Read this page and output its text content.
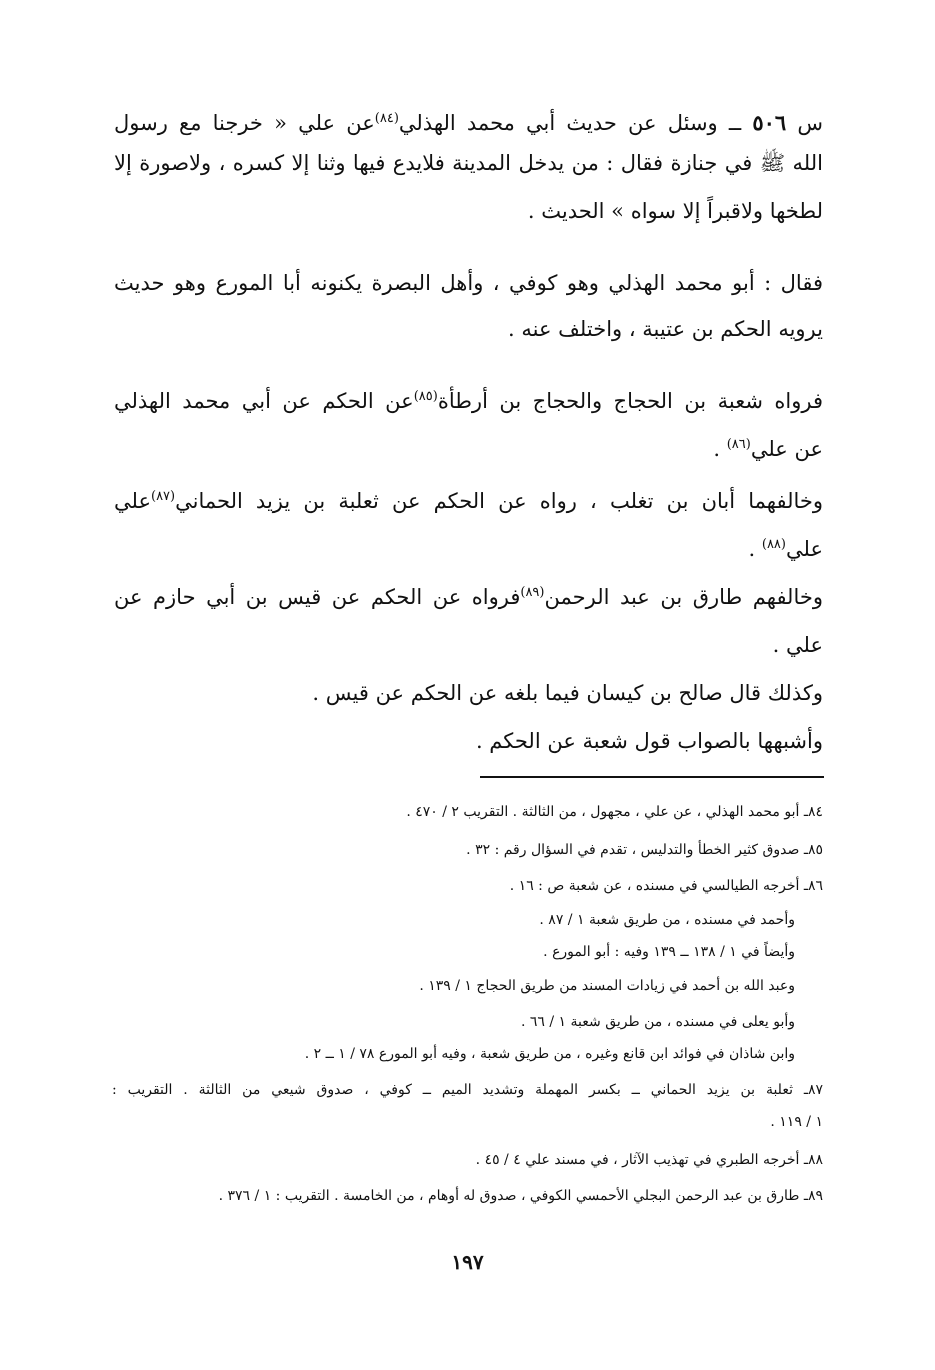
س ٥٠٦ ــ وسئل عن حديث أبي محمد الهذلي$^{(٨٤)}$عن علي « خرجنا مع رسول
الله ﷺ في جنازة فقال : من يدخل المدينة فلايدع فيها وثنا إلا كسره ، ولاصورة إلا
لطخها ولاقبراً إلا سواه » الحديث .
فقال : أبو محمد الهذلي وهو كوفي ، وأهل البصرة يكنونه أبا المورع وهو حديث
يرويه الحكم بن عتيبة ، واختلف عنه .
فرواه شعبة بن الحجاج والحجاج بن أرطأة$^{(٨٥)}$عن الحكم عن أبي محمد الهذلي
عن علي$^{(٨٦)}$ .
وخالفهما أبان بن تغلب ، رواه عن الحكم عن ثعلبة بن يزيد الحماني$^{(٨٧)}$علي
علي$^{(٨٨)}$ .
وخالفهم طارق بن عبد الرحمن$^{(٨٩)}$فرواه عن الحكم عن قيس بن أبي حازم عن
علي .
وكذلك قال صالح بن كيسان فيما بلغه عن الحكم عن قيس .
وأشبهها بالصواب قول شعبة عن الحكم .
٨٤ـ أبو محمد الهذلي ، عن علي ، مجهول ، من الثالثة . التقريب ٢ / ٤٧٠ .
٨٥ـ صدوق كثير الخطأ والتدليس ، تقدم في السؤال رقم : ٣٢ .
٨٦ـ أخرجه الطيالسي في مسنده ، عن شعبة ص : ١٦ .
وأحمد في مسنده ، من طريق شعبة ١ / ٨٧ .
وأيضاً في ١ / ١٣٨ ــ ١٣٩ وفيه : أبو المورع .
وعبد الله بن أحمد في زيادات المسند من طريق الحجاج ١ / ١٣٩ .
وأبو يعلى في مسنده ، من طريق شعبة ١ / ٦٦ .
وابن شاذان في فوائد ابن قانع وغيره ، من طريق شعبة ، وفيه أبو المورع ٧٨ / ١ ــ ٢ .
٨٧ـ ثعلبة بن يزيد الحماني ــ بكسر المهملة وتشديد الميم ــ كوفي ، صدوق شيعي من الثالثة . التقريب :
١ / ١١٩ .
٨٨ـ أخرجه الطبري في تهذيب الآثار ، في مسند علي ٤ / ٤٥ .
٨٩ـ طارق بن عبد الرحمن البجلي الأحمسي الكوفي ، صدوق له أوهام ، من الخامسة . التقريب : ١ / ٣٧٦ .
١٩٧
